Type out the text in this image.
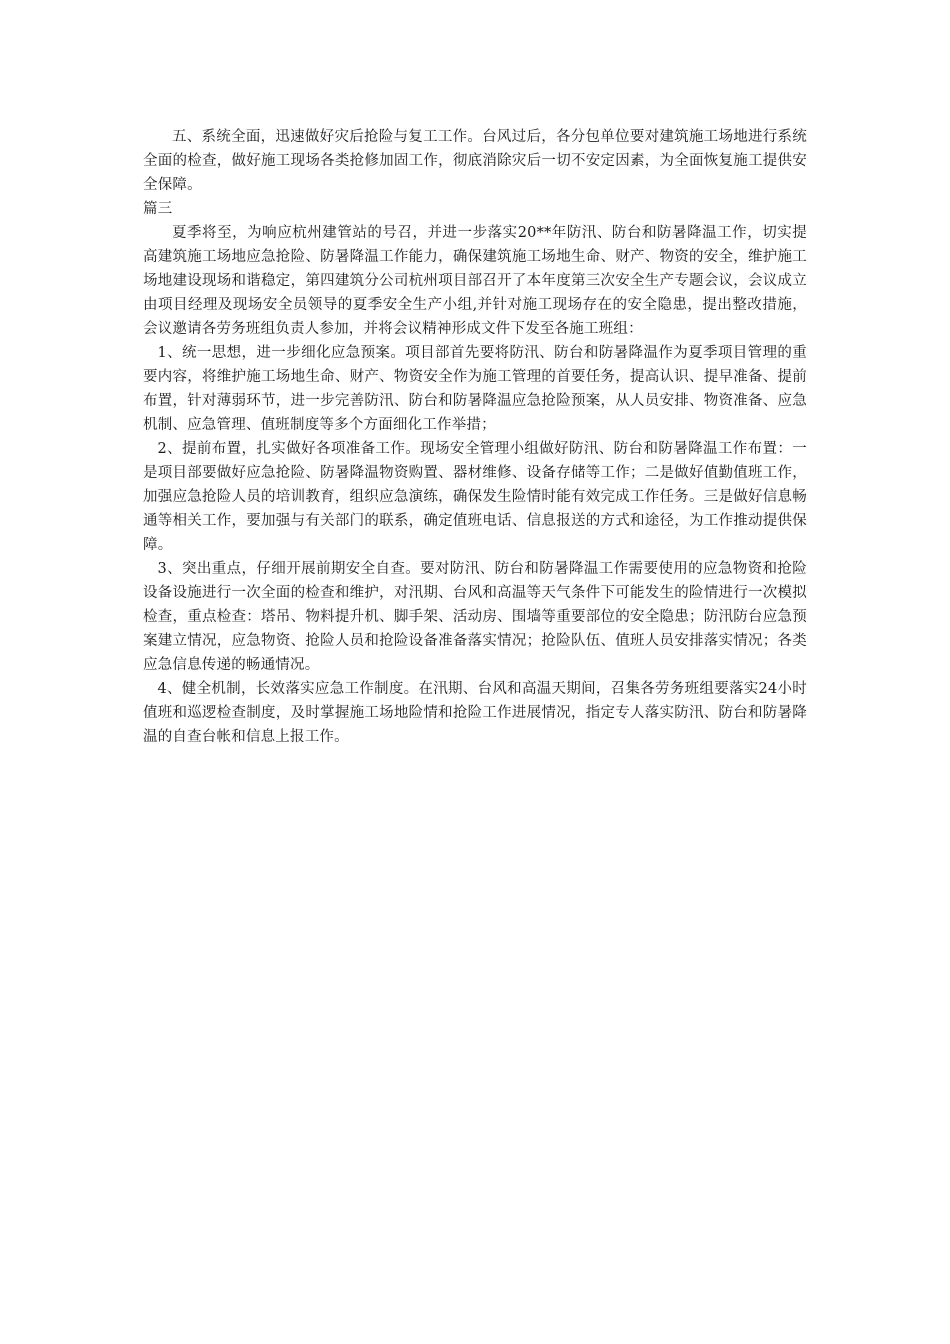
五、系统全面，迅速做好灾后抢险与复工工作。台风过后，各分包单位要对建筑施工场地进行系统全面的检查，做好施工现场各类抢修加固工作，彻底消除灾后一切不安定因素，为全面恢复施工提供安全保障。

篇三

夏季将至，为响应杭州建管站的号召，并进一步落实20**年防汛、防台和防暑降温工作，切实提高建筑施工场地应急抢险、防暑降温工作能力，确保建筑施工场地生命、财产、物资的安全，维护施工场地建设现场和谐稳定，第四建筑分公司杭州项目部召开了本年度第三次安全生产专题会议，会议成立由项目经理及现场安全员领导的夏季安全生产小组,并针对施工现场存在的安全隐患，提出整改措施，会议邀请各劳务班组负责人参加，并将会议精神形成文件下发至各施工班组：

1、统一思想，进一步细化应急预案。项目部首先要将防汛、防台和防暑降温作为夏季项目管理的重要内容，将维护施工场地生命、财产、物资安全作为施工管理的首要任务，提高认识、提早准备、提前布置，针对薄弱环节，进一步完善防汛、防台和防暑降温应急抢险预案，从人员安排、物资准备、应急机制、应急管理、值班制度等多个方面细化工作举措；

2、提前布置，扎实做好各项准备工作。现场安全管理小组做好防汛、防台和防暑降温工作布置：一是项目部要做好应急抢险、防暑降温物资购置、器材维修、设备存储等工作；二是做好值勤值班工作，加强应急抢险人员的培训教育，组织应急演练，确保发生险情时能有效完成工作任务。三是做好信息畅通等相关工作，要加强与有关部门的联系，确定值班电话、信息报送的方式和途径，为工作推动提供保障。

3、突出重点，仔细开展前期安全自查。要对防汛、防台和防暑降温工作需要使用的应急物资和抢险设备设施进行一次全面的检查和维护，对汛期、台风和高温等天气条件下可能发生的险情进行一次模拟检查，重点检查：塔吊、物料提升机、脚手架、活动房、围墙等重要部位的安全隐患；防汛防台应急预案建立情况，应急物资、抢险人员和抢险设备准备落实情况；抢险队伍、值班人员安排落实情况；各类应急信息传递的畅通情况。

4、健全机制，长效落实应急工作制度。在汛期、台风和高温天期间，召集各劳务班组要落实24小时值班和巡逻检查制度，及时掌握施工场地险情和抢险工作进展情况，指定专人落实防汛、防台和防暑降温的自查台帐和信息上报工作。
